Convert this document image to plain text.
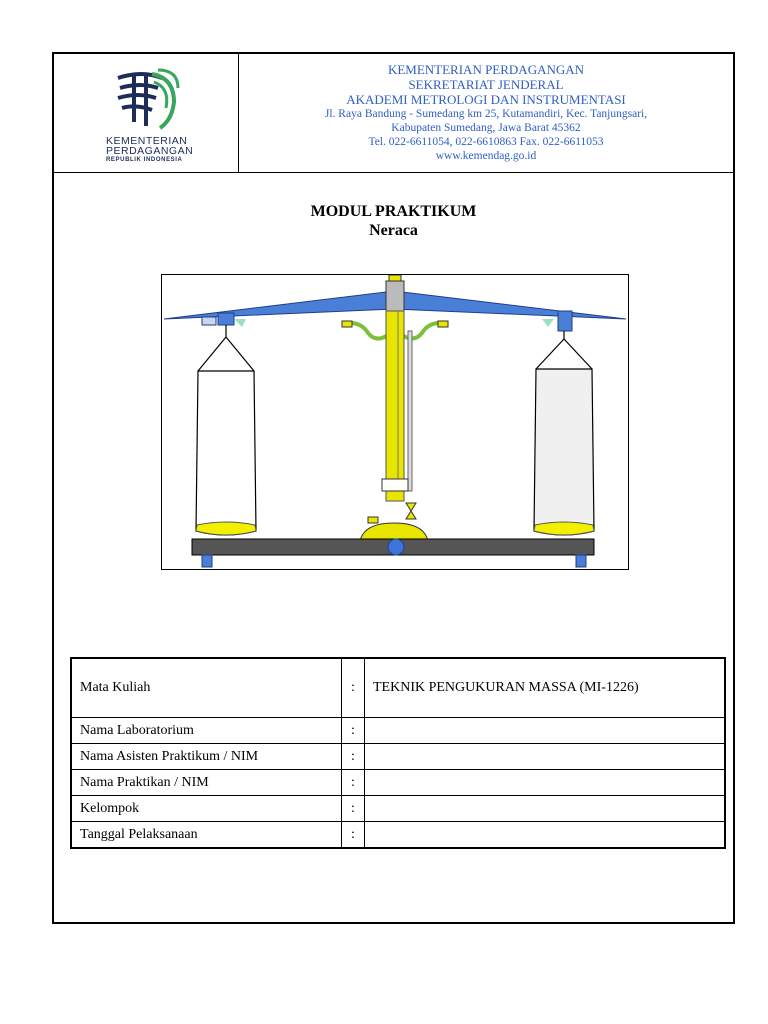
KEMENTERIAN
PERDAGANGAN
REPUBLIK INDONESIA
KEMENTERIAN PERDAGANGAN
SEKRETARIAT JENDERAL
AKADEMI METROLOGI DAN INSTRUMENTASI
Jl. Raya Bandung - Sumedang km 25, Kutamandiri, Kec. Tanjungsari,
Kabupaten Sumedang, Jawa Barat 45362
Tel. 022-6611054, 022-6610863 Fax. 022-6611053
www.kemendag.go.id
MODUL PRAKTIKUM
Neraca
Mata Kuliah	:	TEKNIK PENGUKURAN MASSA (MI-1226)
Nama Laboratorium	:	
Nama Asisten Praktikum / NIM	:	
Nama Praktikan / NIM	:	
Kelompok	:	
Tanggal Pelaksanaan	:	
